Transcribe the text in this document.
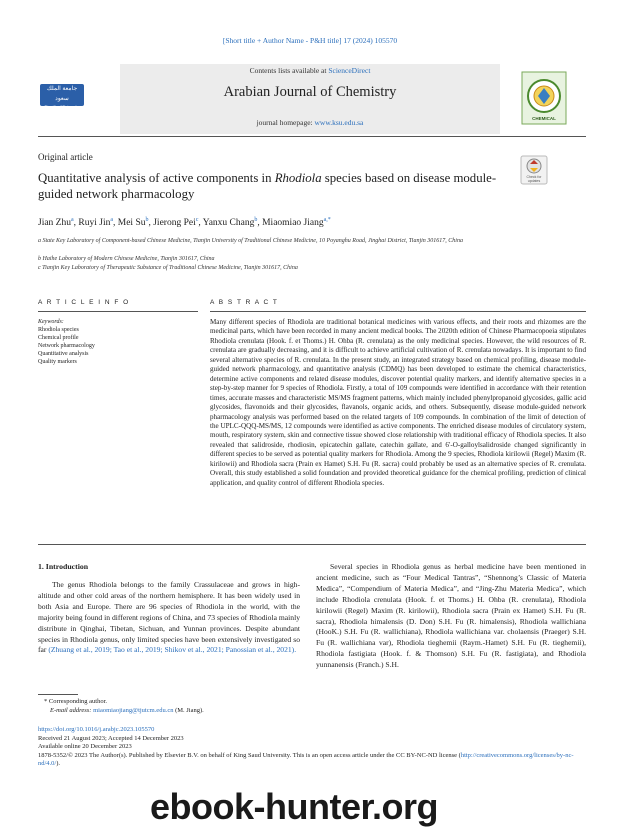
[Short title + Author Name - P&H title] 17 (2024) 105570
جامعة الملك سعود
King Saud University
Contents lists available at ScienceDirect
Arabian Journal of Chemistry
journal homepage: www.ksu.edu.sa	CHEMICAL
Original article
Quantitative analysis of active components in Rhodiola species based on disease module-guided network pharmacology
Check for updates
Jian Zhu$^a$, Ruyi Jin$^a$, Mei Su$^b$, Jierong Pei$^c$, Yanxu Chang$^b$, Miaomiao Jiang$^{a,*}$
a State Key Laboratory of Component-based Chinese Medicine, Tianjin University of Traditional Chinese Medicine, 10 Poyanghu Road, Jinghai District, Tianjin 301617, China
b Haihe Laboratory of Modern Chinese Medicine, Tianjin 301617, China
c Tianjin Key Laboratory of Therapeutic Substance of Traditional Chinese Medicine, Tianjin 301617, China
A R T I C L E I N F O	A B S T R A C T
Keywords:
Rhodiola species
Chemical profile
Network pharmacology
Quantitative analysis
Quality markers
Many different species of Rhodiola are traditional botanical medicines with various effects, and their roots and rhizomes are the medicinal parts, which have been recorded in many ancient medical books. The 2020th edition of Chinese Pharmacopoeia stipulates Rhodiola crenulata (Hook. f. et Thoms.) H. Ohba (R. crenulata) as the only medicinal species. However, the wild resources of R. crenulata are gradually decreasing, and it is difficult to achieve artificial cultivation of R. crenulata nowadays. It is important to find several alternative species of R. crenulata. In the present study, an integrated strategy based on chemical profiling, disease module-guided network pharmacology, and quantitative analysis (CDMQ) has been developed to estimate the chemical characteristics, determine active components and related disease modules, discover potential quality markers, and identify alternative species in a step-by-step manner for 9 species of Rhodiola. Firstly, a total of 109 compounds were identified in accordance with their retention times, accurate masses and characteristic MS/MS fragment patterns, which mainly included phenylpropanoid glycosides, gallic acid glycosides, flavonoids and their glycosides, flavanols, organic acids, and others. Subsequently, disease module-guided network pharmacology analysis was performed based on the related targets of 109 compounds. In combination of the limit of detection of the UPLC-QQQ-MS/MS, 12 compounds were identified as active components. The enriched disease modules of circulatory system, mouth, respiratory system, skin and connective tissue showed close relationship with traditional efficacy of Rhodiola species. It also revealed that salidroside, rhodiosin, epicatechin gallate, catechin gallate, and 6′-O-galloylsalidroside changed significantly in different species to be served as potential quality markers for Rhodiola. Among the 9 species, Rhodiola kirilowii (Regel) Maxim (R. kirilowii) and Rhodiola sacra (Prain ex Hamet) S.H. Fu (R. sacra) could probably be used as an alternative species of R. crenulata. Overall, this study established a solid foundation and provided theoretical guidance for the chemical profiling, prediction of clinical application, and quality control of different Rhodiola species.
1. Introduction
The genus Rhodiola belongs to the family Crassulaceae and grows in high-altitude and other cold areas of the northern hemisphere. It has been widely used in both Asia and Europe. There are 96 species of Rhodiola in the world, with the majority being found in different regions of China, and 73 species of Rhodiola mainly distribute in Qinghai, Tibetan, Sichuan, and Yunnan provinces. Despite abundant species in Rhodiola genus, only limited species have been extensively investigated so far (Zhuang et al., 2019; Tao et al., 2019; Shikov et al., 2021; Panossian et al., 2021).
Several species in Rhodiola genus as herbal medicine have been mentioned in ancient medicine, such as “Four Medical Tantras”, “Shennong’s Classic of Materia Medica”, “Compendium of Materia Medica”, and “Jing-Zhu Materia Medica”, which include Rhodiola crenulata (Hook. f. et Thoms.) H. Ohba (R. crenulata), Rhodiola kirilowii (Regel) Maxim (R. kirilowii), Rhodiola sacra (Prain ex Hamet) S.H. Fu (R. sacra), Rhodiola himalensis (D. Don) S.H. Fu (R. himalensis), Rhodiola wallichiana (HooK.) S.H. Fu (R. wallichiana), Rhodiola wallichiana var. cholaensis (Praeger) S.H. Fu (R. wallichiana var), Rhodiola tieghemii (Raym.-Hamet) S.H. Fu (R. tieghemii), Rhodiola fastigiata (Hook. f. & Thomson) S.H. Fu (R. fastigiata), and Rhodiola yunnanensis (Franch.) S.H.
* Corresponding author.
E-mail address: miaomiaojiang@tjutcm.edu.cn (M. Jiang).
https://doi.org/10.1016/j.arabjc.2023.105570
Received 21 August 2023; Accepted 14 December 2023
Available online 20 December 2023
1878-5352/© 2023 The Author(s). Published by Elsevier B.V. on behalf of King Saud University. This is an open access article under the CC BY-NC-ND license (http://creativecommons.org/licenses/by-nc-nd/4.0/).
ebook-hunter.org
